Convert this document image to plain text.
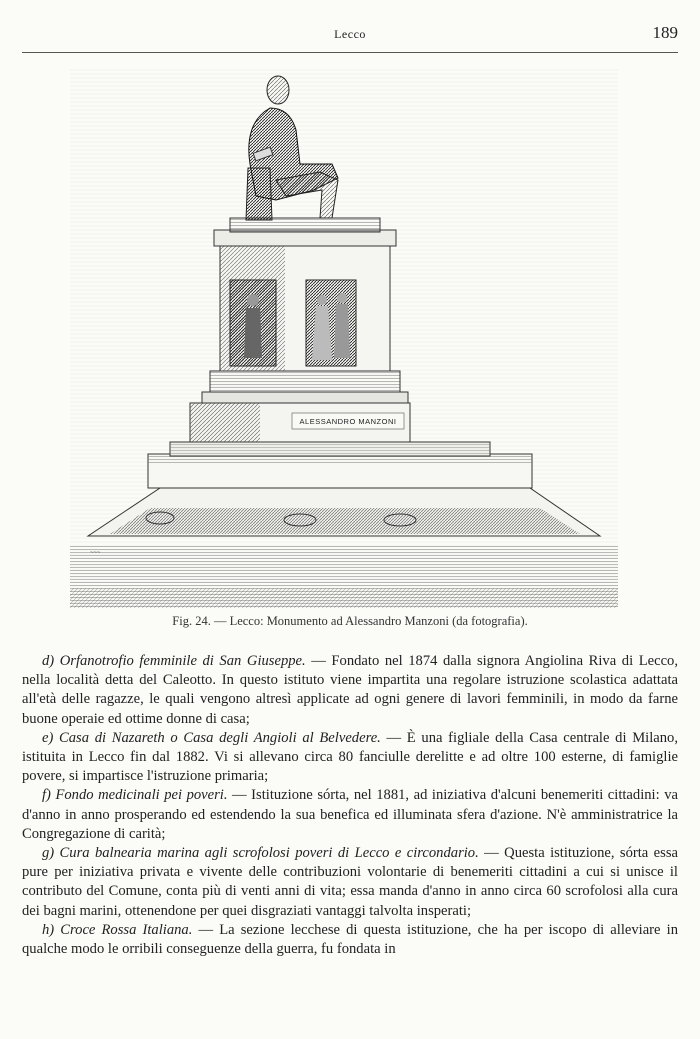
Lecco	189
~~~
ALESSANDRO MANZONI
Fig. 24. — Lecco: Monumento ad Alessandro Manzoni (da fotografia).

d) Orfanotrofio femminile di San Giuseppe. — Fondato nel 1874 dalla signora Angiolina Riva di Lecco, nella località detta del Caleotto. In questo istituto viene impartita una regolare istruzione scolastica adattata all'età delle ragazze, le quali vengono altresì applicate ad ogni genere di lavori femminili, in modo da farne buone operaie ed ottime donne di casa;

e) Casa di Nazareth o Casa degli Angioli al Belvedere. — È una figliale della Casa centrale di Milano, istituita in Lecco fin dal 1882. Vi si allevano circa 80 fanciulle derelitte e ad oltre 100 esterne, di famiglie povere, si impartisce l'istruzione primaria;

f) Fondo medicinali pei poveri. — Istituzione sórta, nel 1881, ad iniziativa d'alcuni benemeriti cittadini: va d'anno in anno prosperando ed estendendo la sua benefica ed illuminata sfera d'azione. N'è amministratrice la Congregazione di carità;

g) Cura balnearia marina agli scrofolosi poveri di Lecco e circondario. — Questa istituzione, sórta essa pure per iniziativa privata e vivente delle contribuzioni volontarie di benemeriti cittadini a cui si unisce il contributo del Comune, conta più di venti anni di vita; essa manda d'anno in anno circa 60 scrofolosi alla cura dei bagni marini, ottenendone per quei disgraziati vantaggi talvolta insperati;

h) Croce Rossa Italiana. — La sezione lecchese di questa istituzione, che ha per iscopo di alleviare in qualche modo le orribili conseguenze della guerra, fu fondata in
